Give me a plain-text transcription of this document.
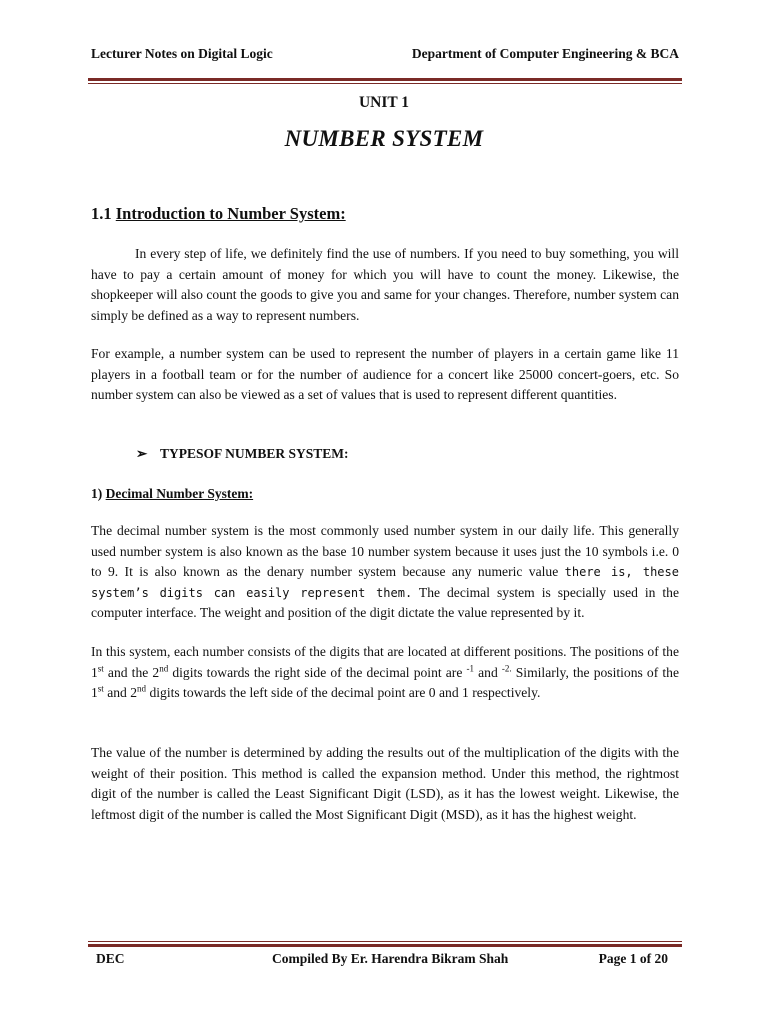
Lecturer Notes on Digital Logic	Department of Computer Engineering & BCA
UNIT 1
NUMBER SYSTEM
1.1 Introduction to Number System:

In every step of life, we definitely find the use of numbers. If you need to buy something, you will have to pay a certain amount of money for which you will have to count the money. Likewise, the shopkeeper will also count the goods to give you and same for your changes. Therefore, number system can simply be defined as a way to represent numbers.

For example, a number system can be used to represent the number of players in a certain game like 11 players in a football team or for the number of audience for a concert like 25000 concert-goers, etc. So number system can also be viewed as a set of values that is used to represent different quantities.

➢ TYPESOF NUMBER SYSTEM:
1) Decimal Number System:

The decimal number system is the most commonly used number system in our daily life. This generally used number system is also known as the base 10 number system because it uses just the 10 symbols i.e. 0 to 9. It is also known as the denary number system because any numeric value there is, these system’s digits can easily represent them. The decimal system is specially used in the computer interface. The weight and position of the digit dictate the value represented by it.

In this system, each number consists of the digits that are located at different positions. The positions of the 1st and the 2nd digits towards the right side of the decimal point are $^{-1}$ and $^{-2.}$ Similarly, the positions of the 1st and 2nd digits towards the left side of the decimal point are 0 and 1 respectively.

The value of the number is determined by adding the results out of the multiplication of the digits with the weight of their position. This method is called the expansion method. Under this method, the rightmost digit of the number is called the Least Significant Digit (LSD), as it has the lowest weight. Likewise, the leftmost digit of the number is called the Most Significant Digit (MSD), as it has the highest weight.

DEC	Compiled By Er. Harendra Bikram Shah	Page 1 of 20
